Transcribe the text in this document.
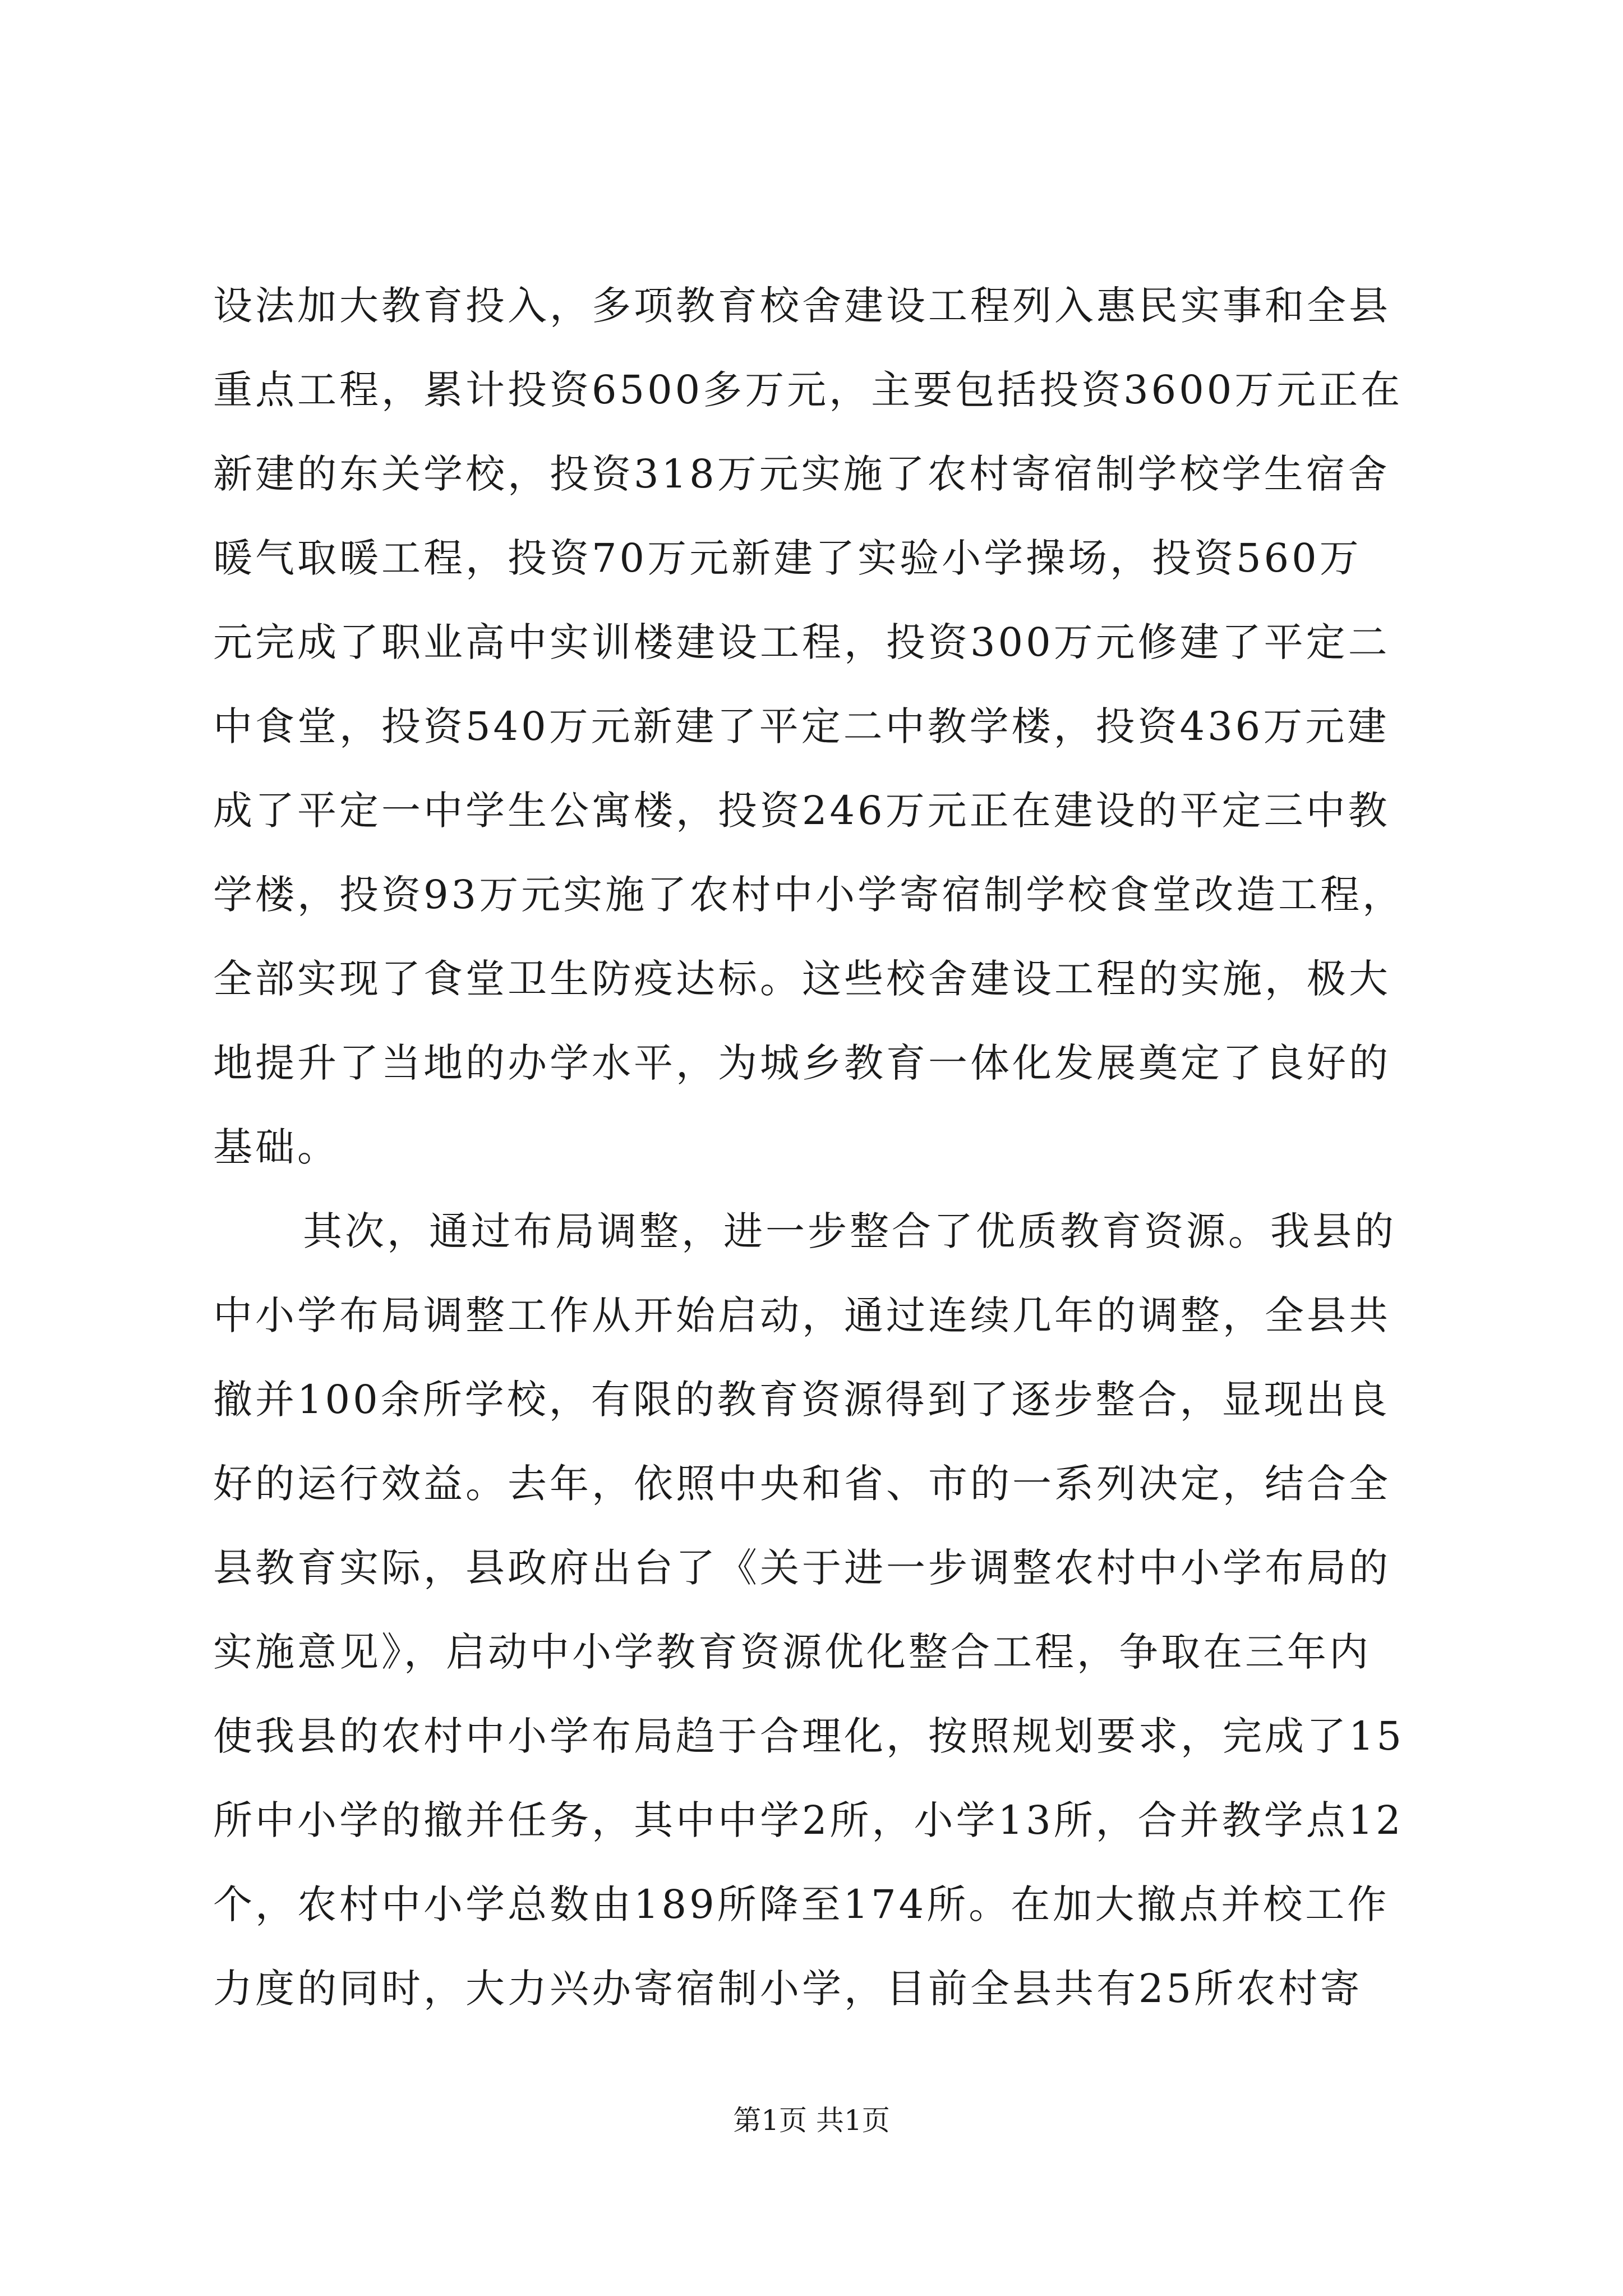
设法加大教育投入，多项教育校舍建设工程列入惠民实事和全县
重点工程，累计投资6500多万元，主要包括投资3600万元正在
新建的东关学校，投资318万元实施了农村寄宿制学校学生宿舍
暖气取暖工程，投资70万元新建了实验小学操场，投资560万
元完成了职业高中实训楼建设工程，投资300万元修建了平定二
中食堂，投资540万元新建了平定二中教学楼，投资436万元建
成了平定一中学生公寓楼，投资246万元正在建设的平定三中教
学楼，投资93万元实施了农村中小学寄宿制学校食堂改造工程，
全部实现了食堂卫生防疫达标。这些校舍建设工程的实施，极大
地提升了当地的办学水平，为城乡教育一体化发展奠定了良好的
基础。
其次，通过布局调整，进一步整合了优质教育资源。我县的
中小学布局调整工作从开始启动，通过连续几年的调整，全县共
撤并100余所学校，有限的教育资源得到了逐步整合，显现出良
好的运行效益。去年，依照中央和省、市的一系列决定，结合全
县教育实际，县政府出台了《关于进一步调整农村中小学布局的
实施意见》，启动中小学教育资源优化整合工程，争取在三年内
使我县的农村中小学布局趋于合理化，按照规划要求，完成了15
所中小学的撤并任务，其中中学2所，小学13所，合并教学点12
个，农村中小学总数由189所降至174所。在加大撤点并校工作
力度的同时，大力兴办寄宿制小学，目前全县共有25所农村寄
第1页 共1页
